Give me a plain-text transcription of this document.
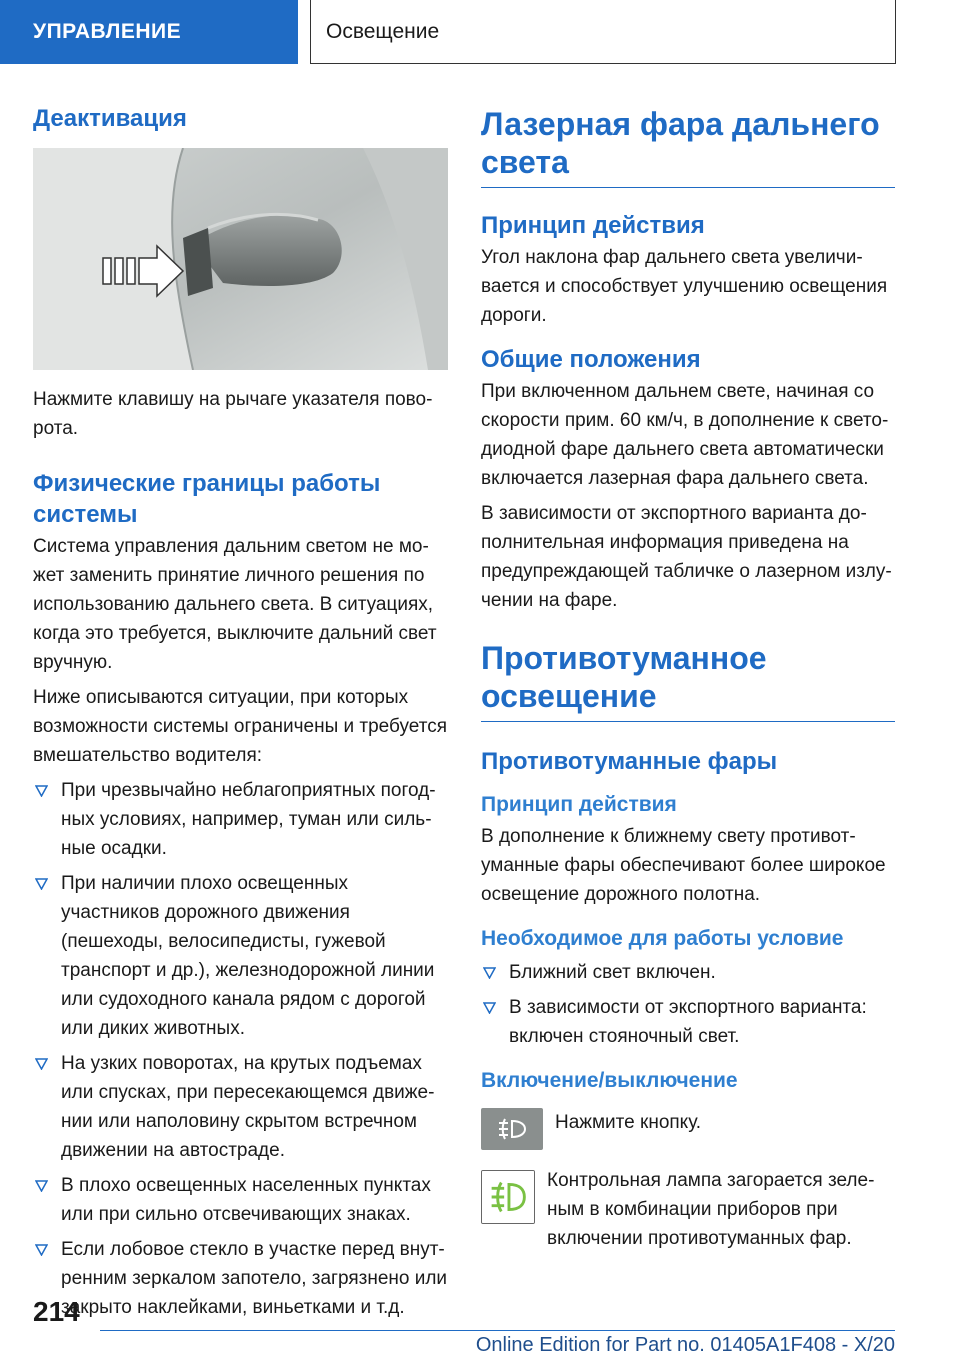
УПРАВЛЕНИЕ	Освещение
Деактивация

Нажмите клавишу на рычаге указателя поворота.

Физические границы работы
системы

Система управления дальним светом не может заменить принятие личного решения по использованию дальнего света. В ситуациях, когда это требуется, выключите дальний свет вручную.

Ниже описываются ситуации, при которых возможности системы ограничены и требуется вмешательство водителя:

При чрезвычайно неблагоприятных погодных условиях, например, туман или сильные осадки.
При наличии плохо освещенных участников дорожного движения (пешеходы, велосипедисты, гужевой транспорт и др.), железнодорожной линии или судоходного канала рядом с дорогой или диких животных.
На узких поворотах, на крутых подъемах или спусках, при пересекающемся движении или наполовину скрытом встречном движении на автостраде.
В плохо освещенных населенных пунктах или при сильно отсвечивающих знаках.
Если лобовое стекло в участке перед внутренним зеркалом запотело, загрязнено или закрыто наклейками, виньетками и т.д.
Лазерная фара дальнего
света
Принцип действия

Угол наклона фар дальнего света увеличивается и способствует улучшению освещения дороги.

Общие положения

При включенном дальнем свете, начиная со скорости прим. 60 км/ч, в дополнение к светодиодной фаре дальнего света автоматически включается лазерная фара дальнего света.

В зависимости от экспортного варианта дополнительная информация приведена на предупреждающей табличке о лазерном излучении на фаре.

Противотуманное
освещение
Противотуманные фары
Принцип действия

В дополнение к ближнему свету противотуманные фары обеспечивают более широкое освещение дорожного полотна.

Необходимое для работы условие
Ближний свет включен.
В зависимости от экспортного варианта: включен стояночный свет.
Включение/выключение

Нажмите кнопку.

Контрольная лампа загорается зеленым в комбинации приборов при включении противотуманных фар.

214
Online Edition for Part no. 01405A1F408 - X/20
